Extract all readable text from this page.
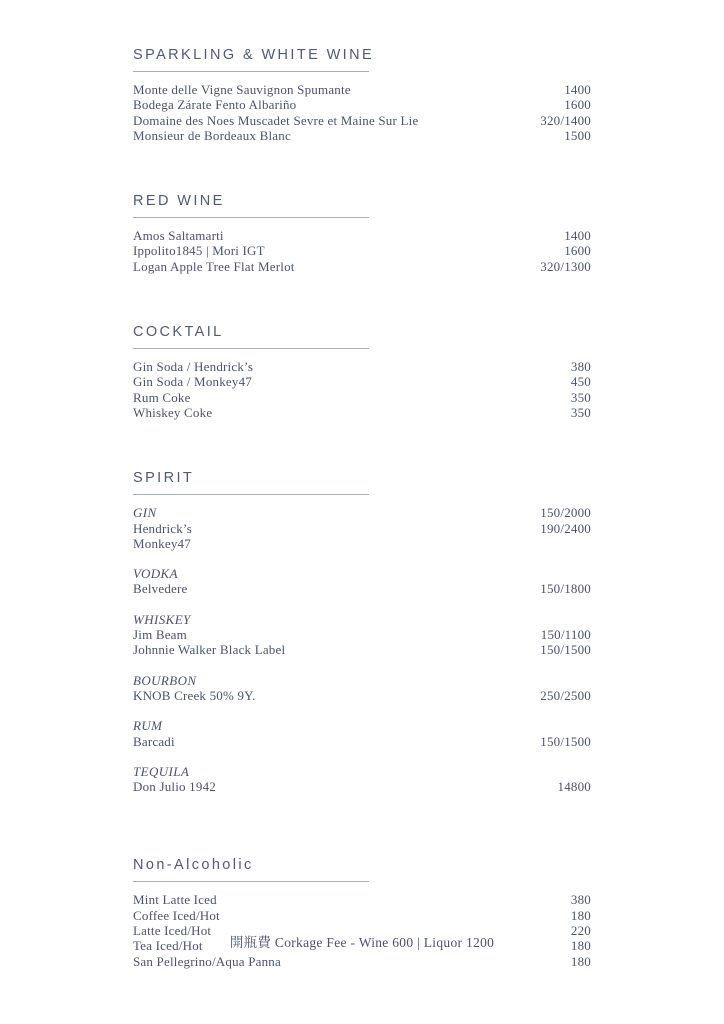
SPARKLING & WHITE WINE
Monte delle Vigne Sauvignon Spumante	1400
Bodega Zárate Fento Albariño	1600
Domaine des Noes Muscadet Sevre et Maine Sur Lie	320/1400
Monsieur de Bordeaux Blanc	1500
RED WINE
Amos Saltamarti	1400
Ippolito1845 | Mori IGT	1600
Logan Apple Tree Flat Merlot	320/1300
COCKTAIL
Gin Soda / Hendrick’s	380
Gin Soda / Monkey47	450
Rum Coke	350
Whiskey Coke	350
SPIRIT
GIN	150/2000
Hendrick’s	190/2400
Monkey47
VODKA
Belvedere	150/1800
WHISKEY
Jim Beam	150/1100
Johnnie Walker Black Label	150/1500
BOURBON
KNOB Creek 50% 9Y.	250/2500
RUM
Barcadi	150/1500
TEQUILA
Don Julio 1942	14800
Non-Alcoholic
Mint Latte Iced	380
Coffee Iced/Hot	180
Latte Iced/Hot	220
Tea Iced/Hot	180
San Pellegrino/Aqua Panna	180
開瓶費 Corkage Fee - Wine 600 | Liquor 1200
